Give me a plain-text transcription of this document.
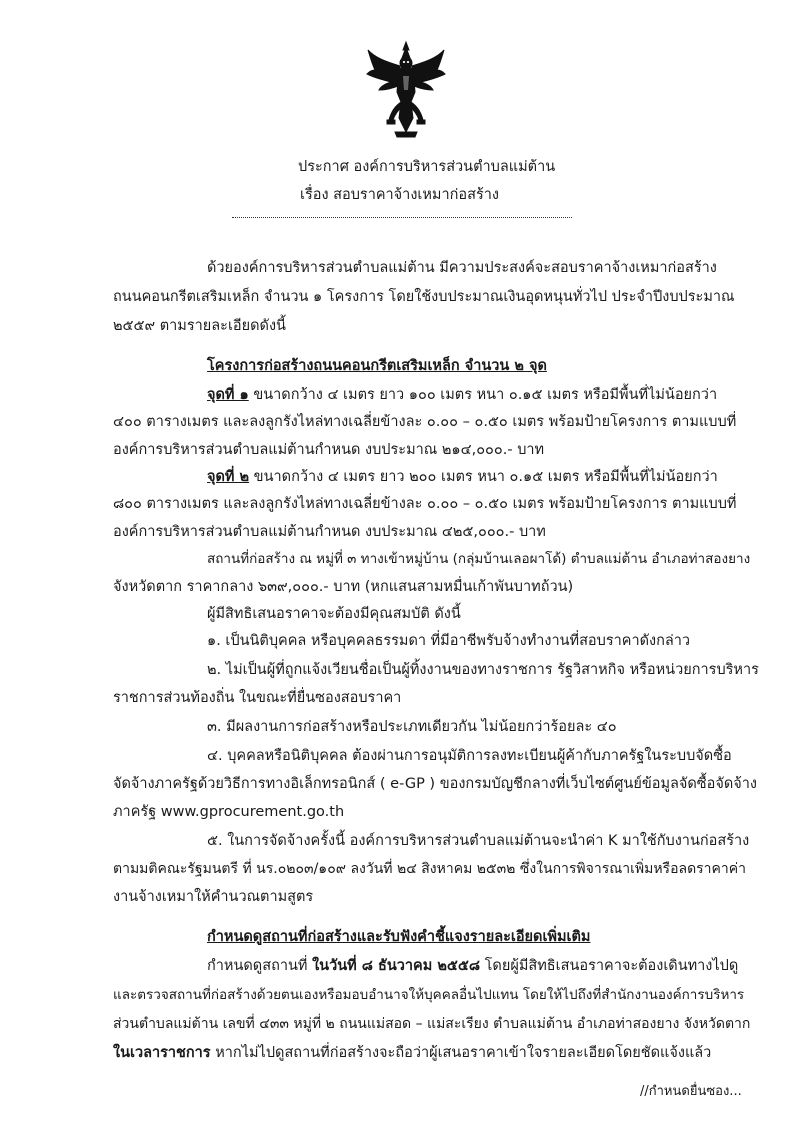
ประกาศ องค์การบริหารส่วนตำบลแม่ต้าน
เรื่อง สอบราคาจ้างเหมาก่อสร้าง
ด้วยองค์การบริหารส่วนตำบลแม่ต้าน มีความประสงค์จะสอบราคาจ้างเหมาก่อสร้าง
ถนนคอนกรีตเสริมเหล็ก จำนวน ๑ โครงการ โดยใช้งบประมาณเงินอุดหนุนทั่วไป ประจำปีงบประมาณ
๒๕๕๙ ตามรายละเอียดดังนี้
โครงการก่อสร้างถนนคอนกรีตเสริมเหล็ก จำนวน ๒ จุด
จุดที่ ๑ ขนาดกว้าง ๔ เมตร ยาว ๑๐๐ เมตร หนา ๐.๑๕ เมตร หรือมีพื้นที่ไม่น้อยกว่า
๔๐๐ ตารางเมตร และลงลูกรังไหล่ทางเฉลี่ยข้างละ ๐.๐๐ – ๐.๕๐ เมตร พร้อมป้ายโครงการ ตามแบบที่
องค์การบริหารส่วนตำบลแม่ต้านกำหนด งบประมาณ ๒๑๔,๐๐๐.- บาท
จุดที่ ๒ ขนาดกว้าง ๔ เมตร ยาว ๒๐๐ เมตร หนา ๐.๑๕ เมตร หรือมีพื้นที่ไม่น้อยกว่า
๘๐๐ ตารางเมตร และลงลูกรังไหล่ทางเฉลี่ยข้างละ ๐.๐๐ – ๐.๕๐ เมตร พร้อมป้ายโครงการ ตามแบบที่
องค์การบริหารส่วนตำบลแม่ต้านกำหนด งบประมาณ ๔๒๕,๐๐๐.- บาท
สถานที่ก่อสร้าง ณ หมู่ที่ ๓ ทางเข้าหมู่บ้าน (กลุ่มบ้านเลอผาโด้) ตำบลแม่ต้าน อำเภอท่าสองยาง
จังหวัดตาก ราคากลาง ๖๓๙,๐๐๐.- บาท (หกแสนสามหมื่นเก้าพันบาทถ้วน)
ผู้มีสิทธิเสนอราคาจะต้องมีคุณสมบัติ ดังนี้
๑. เป็นนิติบุคคล หรือบุคคลธรรมดา ที่มีอาชีพรับจ้างทำงานที่สอบราคาดังกล่าว
๒. ไม่เป็นผู้ที่ถูกแจ้งเวียนชื่อเป็นผู้ทิ้งงานของทางราชการ รัฐวิสาหกิจ หรือหน่วยการบริหาร
ราชการส่วนท้องถิ่น ในขณะที่ยื่นซองสอบราคา
๓. มีผลงานการก่อสร้างหรือประเภทเดียวกัน ไม่น้อยกว่าร้อยละ ๔๐
๔. บุคคลหรือนิติบุคคล ต้องผ่านการอนุมัติการลงทะเบียนผู้ค้ากับภาครัฐในระบบจัดซื้อ
จัดจ้างภาครัฐด้วยวิธีการทางอิเล็กทรอนิกส์ ( e-GP ) ของกรมบัญชีกลางที่เว็บไซต์ศูนย์ข้อมูลจัดซื้อจัดจ้าง
ภาครัฐ www.gprocurement.go.th
๕. ในการจัดจ้างครั้งนี้ องค์การบริหารส่วนตำบลแม่ต้านจะนำค่า K มาใช้กับงานก่อสร้าง
ตามมติคณะรัฐมนตรี ที่ นร.๐๒๐๓/๑๐๙ ลงวันที่ ๒๔ สิงหาคม ๒๕๓๒ ซึ่งในการพิจารณาเพิ่มหรือลดราคาค่า
งานจ้างเหมาให้คำนวณตามสูตร
กำหนดดูสถานที่ก่อสร้างและรับฟังคำชี้แจงรายละเอียดเพิ่มเติม
กำหนดดูสถานที่ ในวันที่ ๘ ธันวาคม ๒๕๕๘ โดยผู้มีสิทธิเสนอราคาจะต้องเดินทางไปดู
และตรวจสถานที่ก่อสร้างด้วยตนเองหรือมอบอำนาจให้บุคคลอื่นไปแทน โดยให้ไปถึงที่สำนักงานองค์การบริหาร
ส่วนตำบลแม่ต้าน เลขที่ ๔๓๓ หมู่ที่ ๒ ถนนแม่สอด – แม่สะเรียง ตำบลแม่ต้าน อำเภอท่าสองยาง จังหวัดตาก
ในเวลาราชการ หากไม่ไปดูสถานที่ก่อสร้างจะถือว่าผู้เสนอราคาเข้าใจรายละเอียดโดยชัดแจ้งแล้ว
//กำหนดยื่นซอง...
